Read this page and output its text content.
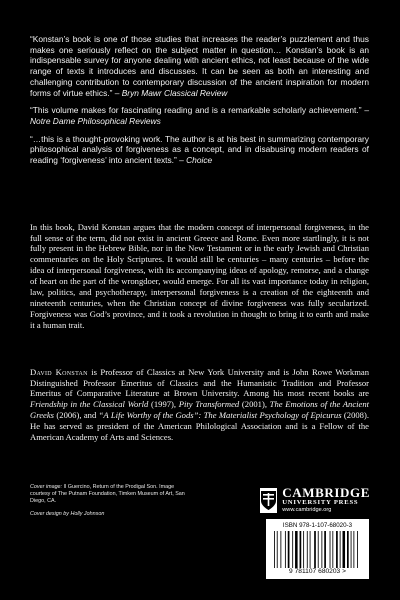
“Konstan’s book is one of those studies that increases the reader’s puzzlement and thus makes one seriously reflect on the subject matter in question… Konstan’s book is an indispensable survey for anyone dealing with ancient ethics, not least because of the wide range of texts it introduces and discusses. It can be seen as both an interesting and challenging contribution to contemporary discussion of the ancient inspiration for modern forms of virtue ethics.” – Bryn Mawr Classical Review

“This volume makes for fascinating reading and is a remarkable scholarly achievement.” – Notre Dame Philosophical Reviews

“…this is a thought-provoking work. The author is at his best in summarizing contemporary philosophical analysis of forgiveness as a concept, and in disabusing modern readers of reading ‘forgiveness’ into ancient texts.” – Choice

In this book, David Konstan argues that the modern concept of interpersonal forgiveness, in the full sense of the term, did not exist in ancient Greece and Rome. Even more startlingly, it is not fully present in the Hebrew Bible, nor in the New Testament or in the early Jewish and Christian commentaries on the Holy Scriptures. It would still be centuries – many centuries – before the idea of interpersonal forgiveness, with its accompanying ideas of apology, remorse, and a change of heart on the part of the wrongdoer, would emerge. For all its vast importance today in religion, law, politics, and psychotherapy, interpersonal forgiveness is a creation of the eighteenth and nineteenth centuries, when the Christian concept of divine forgiveness was fully secularized. Forgiveness was God’s province, and it took a revolution in thought to bring it to earth and make it a human trait.

David Konstan is Professor of Classics at New York University and is John Rowe Workman Distinguished Professor Emeritus of Classics and the Humanistic Tradition and Professor Emeritus of Comparative Literature at Brown University. Among his most recent books are Friendship in the Classical World (1997), Pity Transformed (2001), The Emotions of the Ancient Greeks (2006), and “A Life Worthy of the Gods”: The Materialist Psychology of Epicurus (2008). He has served as president of the American Philological Association and is a Fellow of the American Academy of Arts and Sciences.

Cover image: Il Guercino, Return of the Prodigal Son. Image courtesy of The Putnam Foundation, Timken Museum of Art, San Diego, CA.

Cover design by Holly Johnson

CAMBRIDGE
UNIVERSITY PRESS
www.cambridge.org
ISBN 978-1-107-68020-3
9 781107 680203 >
